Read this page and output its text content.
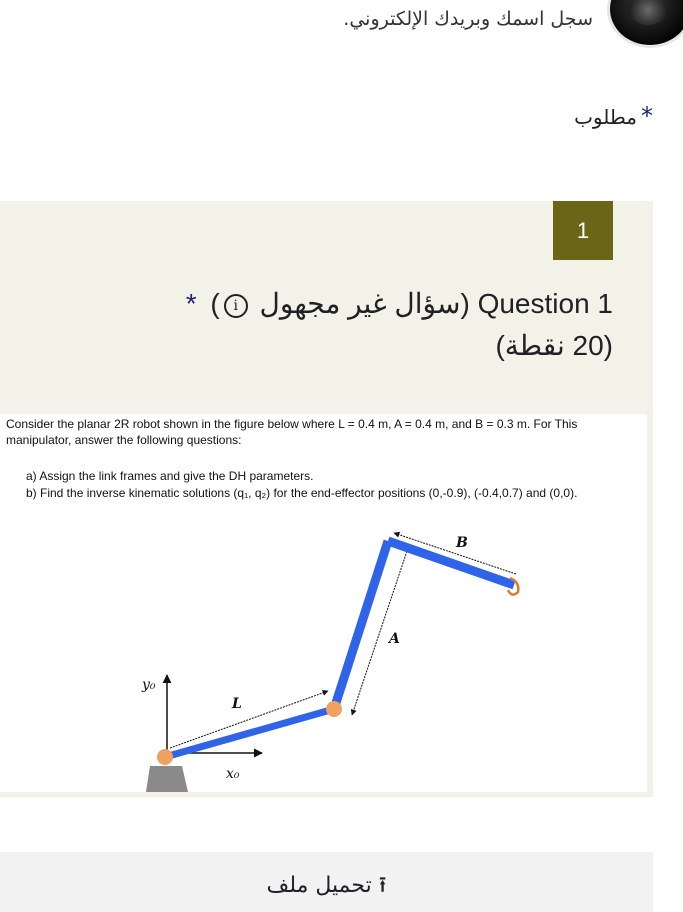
سجل اسمك وبريدك الإلكتروني.
*مطلوب
1
Question 1 (سؤال غير مجهول i) *
(20 نقطة)

Consider the planar 2R robot shown in the figure below where L = 0.4 m, A = 0.4 m, and B = 0.3 m. For This

manipulator, answer the following questions:

a) Assign the link frames and give the DH parameters.
b) Find the inverse kinematic solutions (q₁, q₂) for the end-effector positions (0,-0.9), (-0.4,0.7) and (0,0).
y₀
x₀
L
A
B
⭱ تحميل ملف
